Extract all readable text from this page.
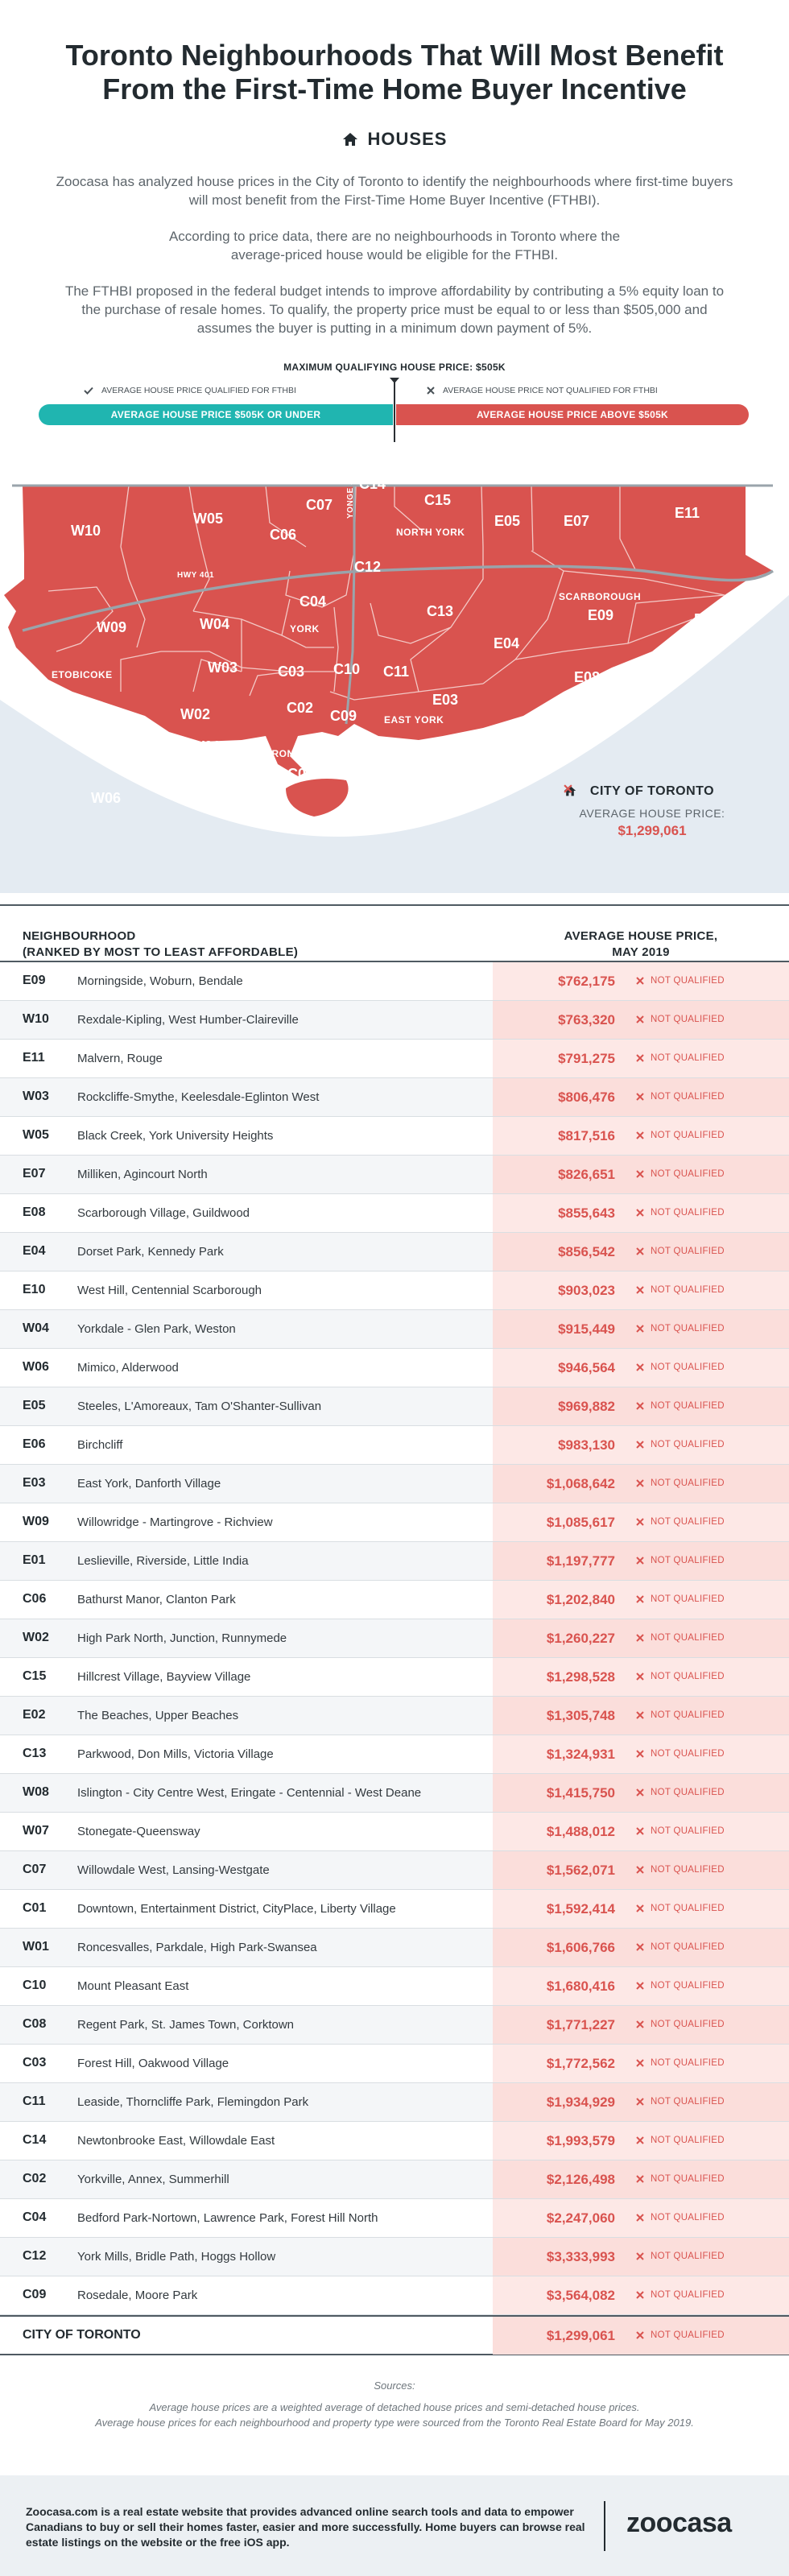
Toronto Neighbourhoods That Will Most Benefit
From the First-Time Home Buyer Incentive
HOUSES

Zoocasa has analyzed house prices in the City of Toronto to identify the neighbourhoods where first-time buyers will most benefit from the First-Time Home Buyer Incentive (FTHBI).

According to price data, there are no neighbourhoods in Toronto where the average-priced house would be eligible for the FTHBI.

The FTHBI proposed in the federal budget intends to improve affordability by contributing a 5% equity loan to the purchase of resale homes. To qualify, the property price must be equal to or less than $505,000 and assumes the buyer is putting in a minimum down payment of 5%.

MAXIMUM QUALIFYING HOUSE PRICE: $505K
AVERAGE HOUSE PRICE QUALIFIED FOR FTHBI	AVERAGE HOUSE PRICE NOT QUALIFIED FOR FTHBI
AVERAGE HOUSE PRICE $505K OR UNDER	AVERAGE HOUSE PRICE ABOVE $505K
W10
W05
C06
C07
C14
C15
E05	E07	E11
W09	W04
C04
C12
C13	E09	E10
W03	C03 C10 C11
E03
E04
E08
W08	W02	C02 C09
E06
W07
W01
C01 C08 E01	E02
W06
NORTH YORK
YORK
SCARBOROUGH
ETOBICOKE
EAST YORK
TORONTO
HWY 401
YONGE ST
STEELES AVE
CITY OF TORONTO
AVERAGE HOUSE PRICE:
$1,299,061
NEIGHBOURHOOD
(RANKED BY MOST TO LEAST AFFORDABLE)
AVERAGE HOUSE PRICE,
MAY 2019
E09	Morningside, Woburn, Bendale	$762,175	NOT QUALIFIED
W10 Rexdale-Kipling, West Humber-Claireville	$763,320	NOT QUALIFIED
E11	Malvern, Rouge	$791,275	NOT QUALIFIED
W03 Rockcliffe-Smythe, Keelesdale-Eglinton West	$806,476	NOT QUALIFIED
W05 Black Creek, York University Heights	$817,516	NOT QUALIFIED
E07	Milliken, Agincourt North	$826,651	NOT QUALIFIED
E08	Scarborough Village, Guildwood	$855,643	NOT QUALIFIED
E04	Dorset Park, Kennedy Park	$856,542	NOT QUALIFIED
E10	West Hill, Centennial Scarborough	$903,023	NOT QUALIFIED
W04 Yorkdale - Glen Park, Weston	$915,449	NOT QUALIFIED
W06 Mimico, Alderwood	$946,564	NOT QUALIFIED
E05	Steeles, L'Amoreaux, Tam O'Shanter-Sullivan	$969,882	NOT QUALIFIED
E06	Birchcliff	$983,130	NOT QUALIFIED
E03	East York, Danforth Village	$1,068,642	NOT QUALIFIED
W09 Willowridge - Martingrove - Richview	$1,085,617	NOT QUALIFIED
E01	Leslieville, Riverside, Little India	$1,197,777	NOT QUALIFIED
C06	Bathurst Manor, Clanton Park	$1,202,840	NOT QUALIFIED
W02 High Park North, Junction, Runnymede	$1,260,227	NOT QUALIFIED
C15	Hillcrest Village, Bayview Village	$1,298,528	NOT QUALIFIED
E02	The Beaches, Upper Beaches	$1,305,748	NOT QUALIFIED
C13	Parkwood, Don Mills, Victoria Village	$1,324,931	NOT QUALIFIED
W08 Islington - City Centre West, Eringate - Centennial - West Deane	$1,415,750	NOT QUALIFIED
W07 Stonegate-Queensway	$1,488,012	NOT QUALIFIED
C07	Willowdale West, Lansing-Westgate	$1,562,071	NOT QUALIFIED
C01	Downtown, Entertainment District, CityPlace, Liberty Village	$1,592,414	NOT QUALIFIED
W01 Roncesvalles, Parkdale, High Park-Swansea	$1,606,766	NOT QUALIFIED
C10	Mount Pleasant East	$1,680,416	NOT QUALIFIED
C08	Regent Park, St. James Town, Corktown	$1,771,227	NOT QUALIFIED
C03	Forest Hill, Oakwood Village	$1,772,562	NOT QUALIFIED
C11	Leaside, Thorncliffe Park, Flemingdon Park	$1,934,929	NOT QUALIFIED
C14	Newtonbrooke East, Willowdale East	$1,993,579	NOT QUALIFIED
C02	Yorkville, Annex, Summerhill	$2,126,498	NOT QUALIFIED
C04	Bedford Park-Nortown, Lawrence Park, Forest Hill North	$2,247,060	NOT QUALIFIED
C12	York Mills, Bridle Path, Hoggs Hollow	$3,333,993	NOT QUALIFIED
C09	Rosedale, Moore Park	$3,564,082	NOT QUALIFIED
CITY OF TORONTO	$1,299,061	NOT QUALIFIED
Sources:
Average house prices are a weighted average of detached house prices and semi-detached house prices.
Average house prices for each neighbourhood and property type were sourced from the Toronto Real Estate Board for May 2019.
Zoocasa.com is a real estate website that provides advanced online search tools and data to empower Canadians to buy or sell their homes faster, easier and more successfully. Home buyers can browse real estate listings on the website or the free iOS app.
zoocasa
